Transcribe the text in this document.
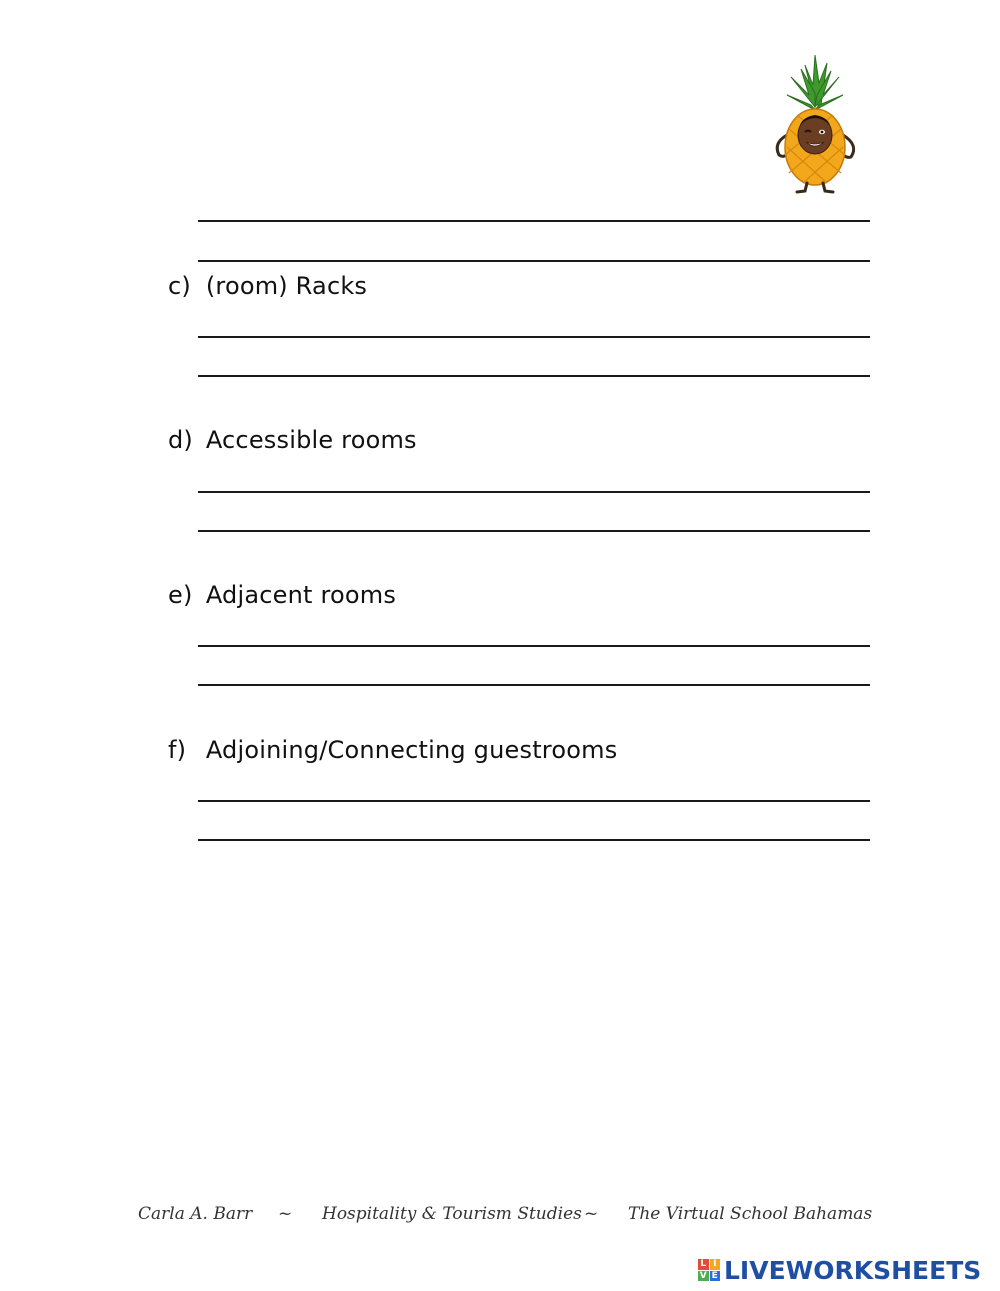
c) (room) Racks
d) Accessible rooms
e) Adjacent rooms
f) Adjoining/Connecting guestrooms
Carla A. Barr ~ Hospitality & Tourism Studies ~ The Virtual School Bahamas
L I
V E LIVEWORKSHEETS
